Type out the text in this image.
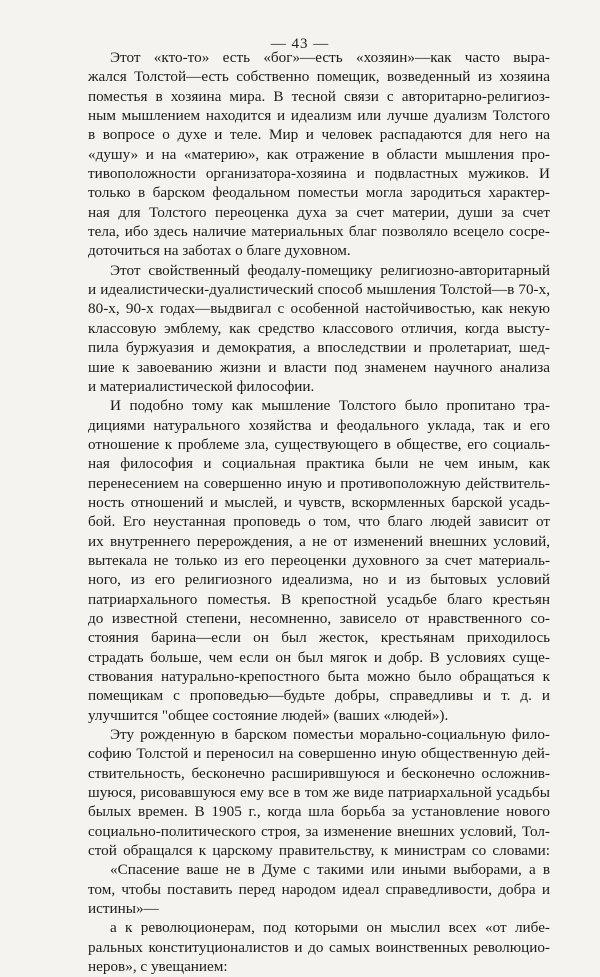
— 43 —
Этот «кто-то» есть «бог»—есть «хозяин»—как часто выра-
жался Толстой—есть собственно помещик, возведенный из хозяина
поместья в хозяина мира. В тесной связи с авторитарно-религиоз-
ным мышлением находится и идеализм или лучше дуализм Толстого
в вопросе о духе и теле. Мир и человек распадаются для него на
«душу» и на «материю», как отражение в области мышления про-
тивоположности организатора-хозяина и подвластных мужиков. И
только в барском феодальном поместьи могла зародиться характер-
ная для Толстого переоценка духа за счет материи, души за счет
тела, ибо здесь наличие материальных благ позволяло всецело сосре-
доточиться на заботах о благе духовном.
Этот свойственный феодалу-помещику религиозно-авторитарный
и идеалистически-дуалистический способ мышления Толстой—в 70-х,
80-х, 90-х годах—выдвигал с особенной настойчивостью, как некую
классовую эмблему, как средство классового отличия, когда высту-
пила буржуазия и демократия, а впоследствии и пролетариат, шед-
шие к завоеванию жизни и власти под знаменем научного анализа
и материалистической философии.
И подобно тому как мышление Толстого было пропитано тра-
дициями натурального хозяйства и феодального уклада, так и его
отношение к проблеме зла, существующего в обществе, его социаль-
ная философия и социальная практика были не чем иным, как
перенесением на совершенно иную и противоположную действитель-
ность отношений и мыслей, и чувств, вскормленных барской усадь-
бой. Его неустанная проповедь о том, что благо людей зависит от
их внутреннего перерождения, а не от изменений внешних условий,
вытекала не только из его переоценки духовного за счет материаль-
ного, из его религиозного идеализма, но и из бытовых условий
патриархального поместья. В крепостной усадьбе благо крестьян
до известной степени, несомненно, зависело от нравственного со-
стояния барина—если он был жесток, крестьянам приходилось
страдать больше, чем если он был мягок и добр. В условиях суще-
ствования натурально-крепостного быта можно было обращаться к
помещикам с проповедью—будьте добры, справедливы и т. д. и
улучшится "общее состояние людей» (ваших «людей»).
Эту рожденную в барском поместьи морально-социальную фило-
софию Толстой и переносил на совершенно иную общественную дей-
ствительность, бесконечно расширившуюся и бесконечно осложнив-
шуюся, рисовавшуюся ему все в том же виде патриархальной усадьбы
былых времен. В 1905 г., когда шла борьба за установление нового
социально-политического строя, за изменение внешних условий, Тол-
стой обращался к царскому правительству, к министрам со словами:
«Спасение ваше не в Думе с такими или иными выборами, а в
том, чтобы поставить перед народом идеал справедливости, добра и
истины»—
а к революционерам, под которыми он мыслил всех «от либе-
ральных конституционалистов и до самых воинственных революцио-
неров», с увещанием:
